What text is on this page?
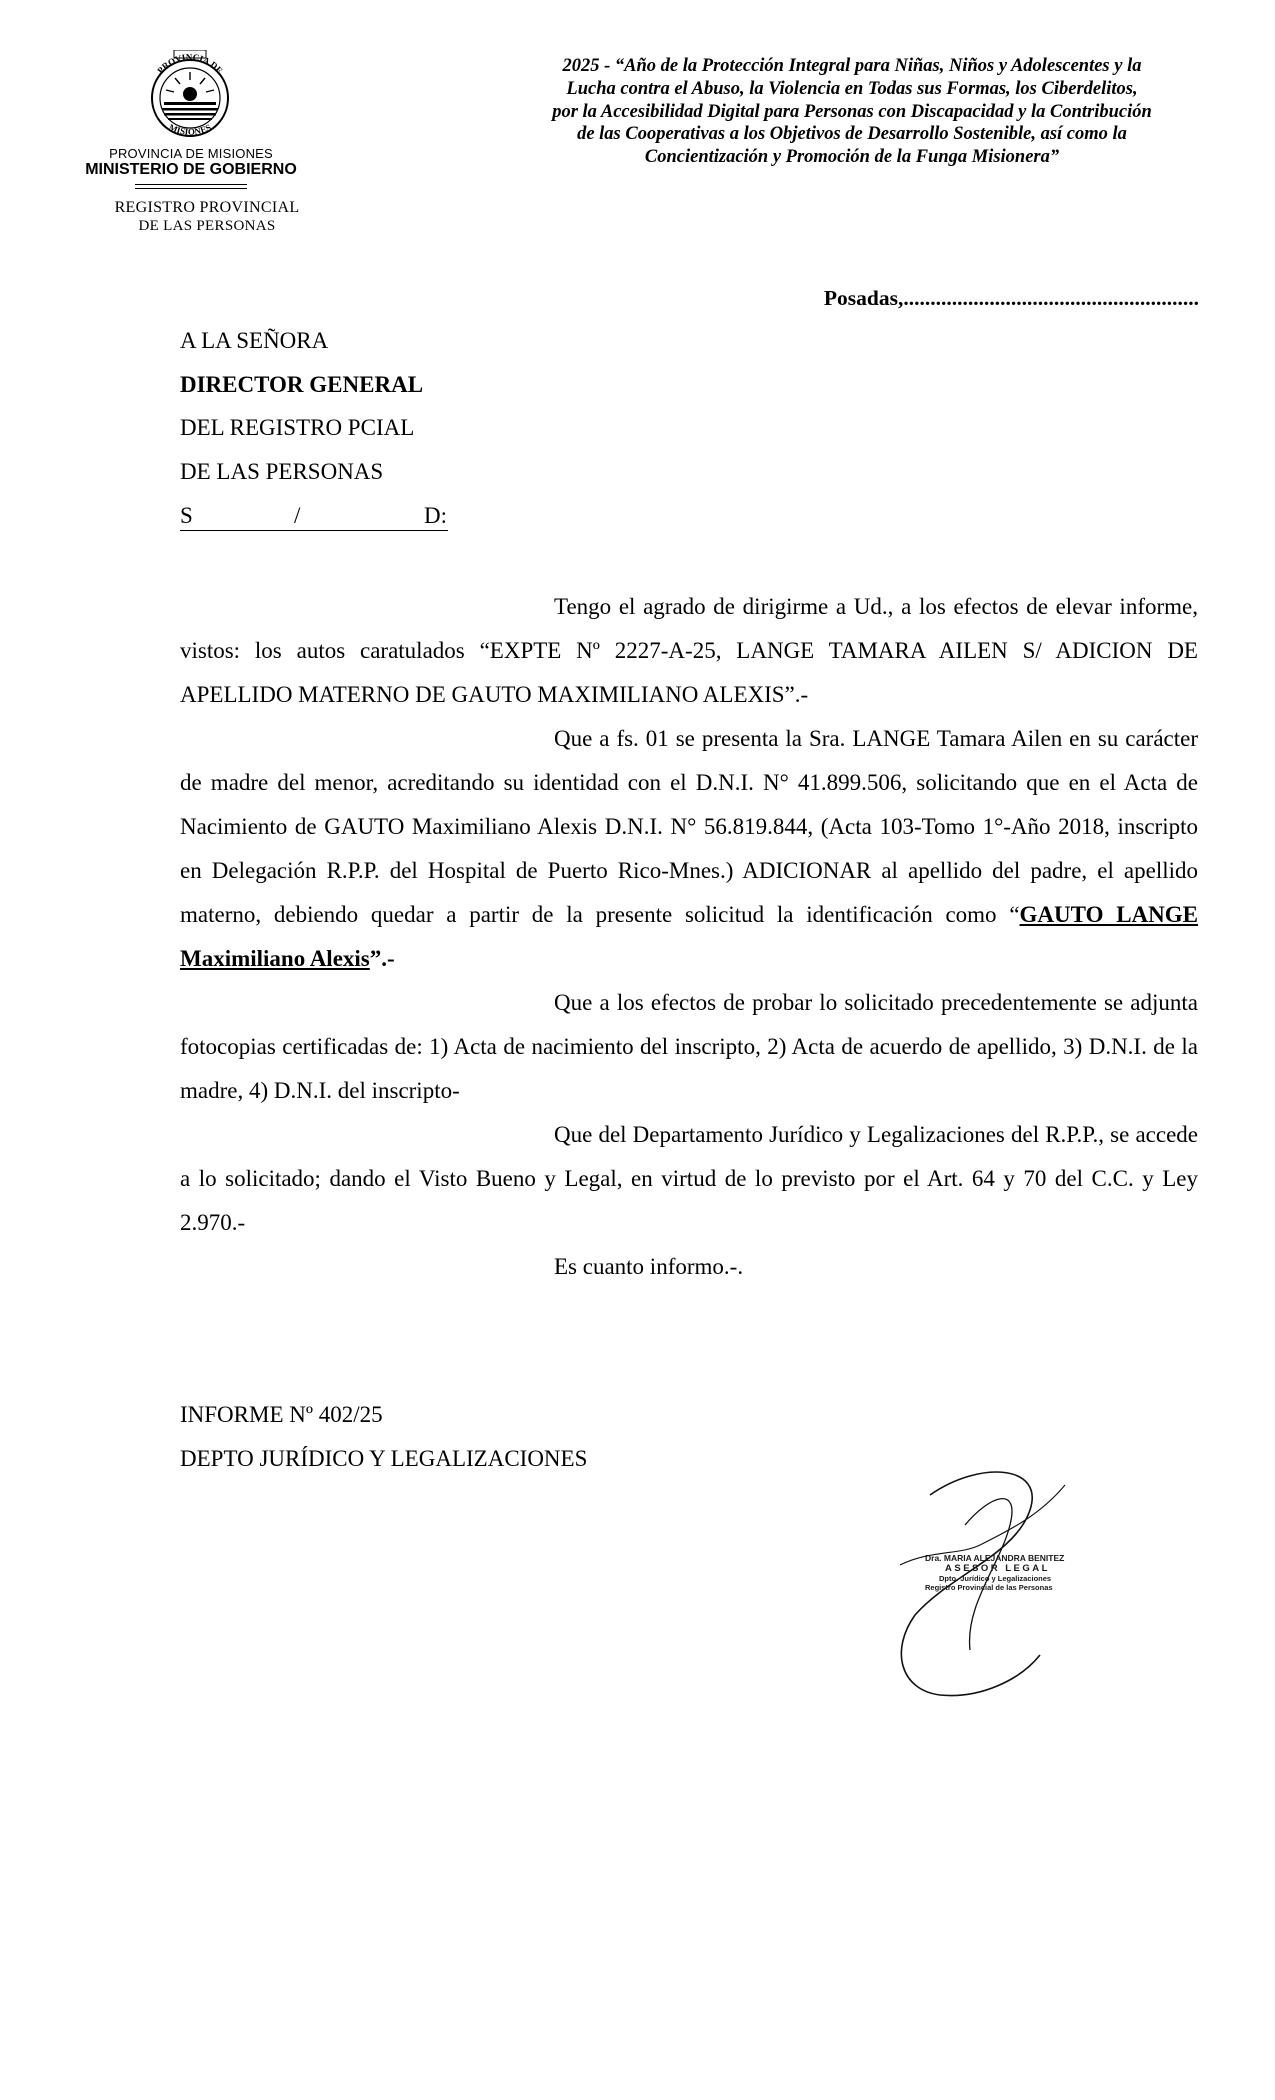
PROVINCIA DE
MISIONES
PROVINCIA DE MISIONES
MINISTERIO DE GOBIERNO
REGISTRO PROVINCIAL
DE LAS PERSONAS
2025 - “Año de la Protección Integral para Niñas, Niños y Adolescentes y la
Lucha contra el Abuso, la Violencia en Todas sus Formas, los Ciberdelitos,
por la Accesibilidad Digital para Personas con Discapacidad y la Contribución
de las Cooperativas a los Objetivos de Desarrollo Sostenible, así como la
Concientización y Promoción de la Funga Misionera”
Posadas,.......................................................
A LA SEÑORA
DIRECTOR GENERAL
DEL REGISTRO PCIAL
DE LAS PERSONAS
S	/	D:

Tengo el agrado de dirigirme a Ud., a los efectos de elevar informe, vistos: los autos caratulados “EXPTE Nº 2227-A-25, LANGE TAMARA AILEN S/ ADICION DE APELLIDO MATERNO DE GAUTO MAXIMILIANO ALEXIS”.-

Que a fs. 01 se presenta la Sra. LANGE Tamara Ailen en su carácter de madre del menor, acreditando su identidad con el D.N.I. N° 41.899.506, solicitando que en el Acta de Nacimiento de GAUTO Maximiliano Alexis D.N.I. N° 56.819.844, (Acta 103-Tomo 1°-Año 2018, inscripto en Delegación R.P.P. del Hospital de Puerto Rico-Mnes.) ADICIONAR al apellido del padre, el apellido materno, debiendo quedar a partir de la presente solicitud la identificación como “GAUTO LANGE Maximiliano Alexis”.-

Que a los efectos de probar lo solicitado precedentemente se adjunta fotocopias certificadas de: 1) Acta de nacimiento del inscripto, 2) Acta de acuerdo de apellido, 3) D.N.I. de la madre, 4) D.N.I. del inscripto-

Que del Departamento Jurídico y Legalizaciones del R.P.P., se accede a lo solicitado; dando el Visto Bueno y Legal, en virtud de lo previsto por el Art. 64 y 70 del C.C. y Ley 2.970.-

Es cuanto informo.-.

INFORME Nº 402/25
DEPTO JURÍDICO Y LEGALIZACIONES
Dra. MARIA ALEJANDRA BENITEZ
ASESOR LEGAL
Dpto. Jurídico y Legalizaciones
Registro Provincial de las Personas
